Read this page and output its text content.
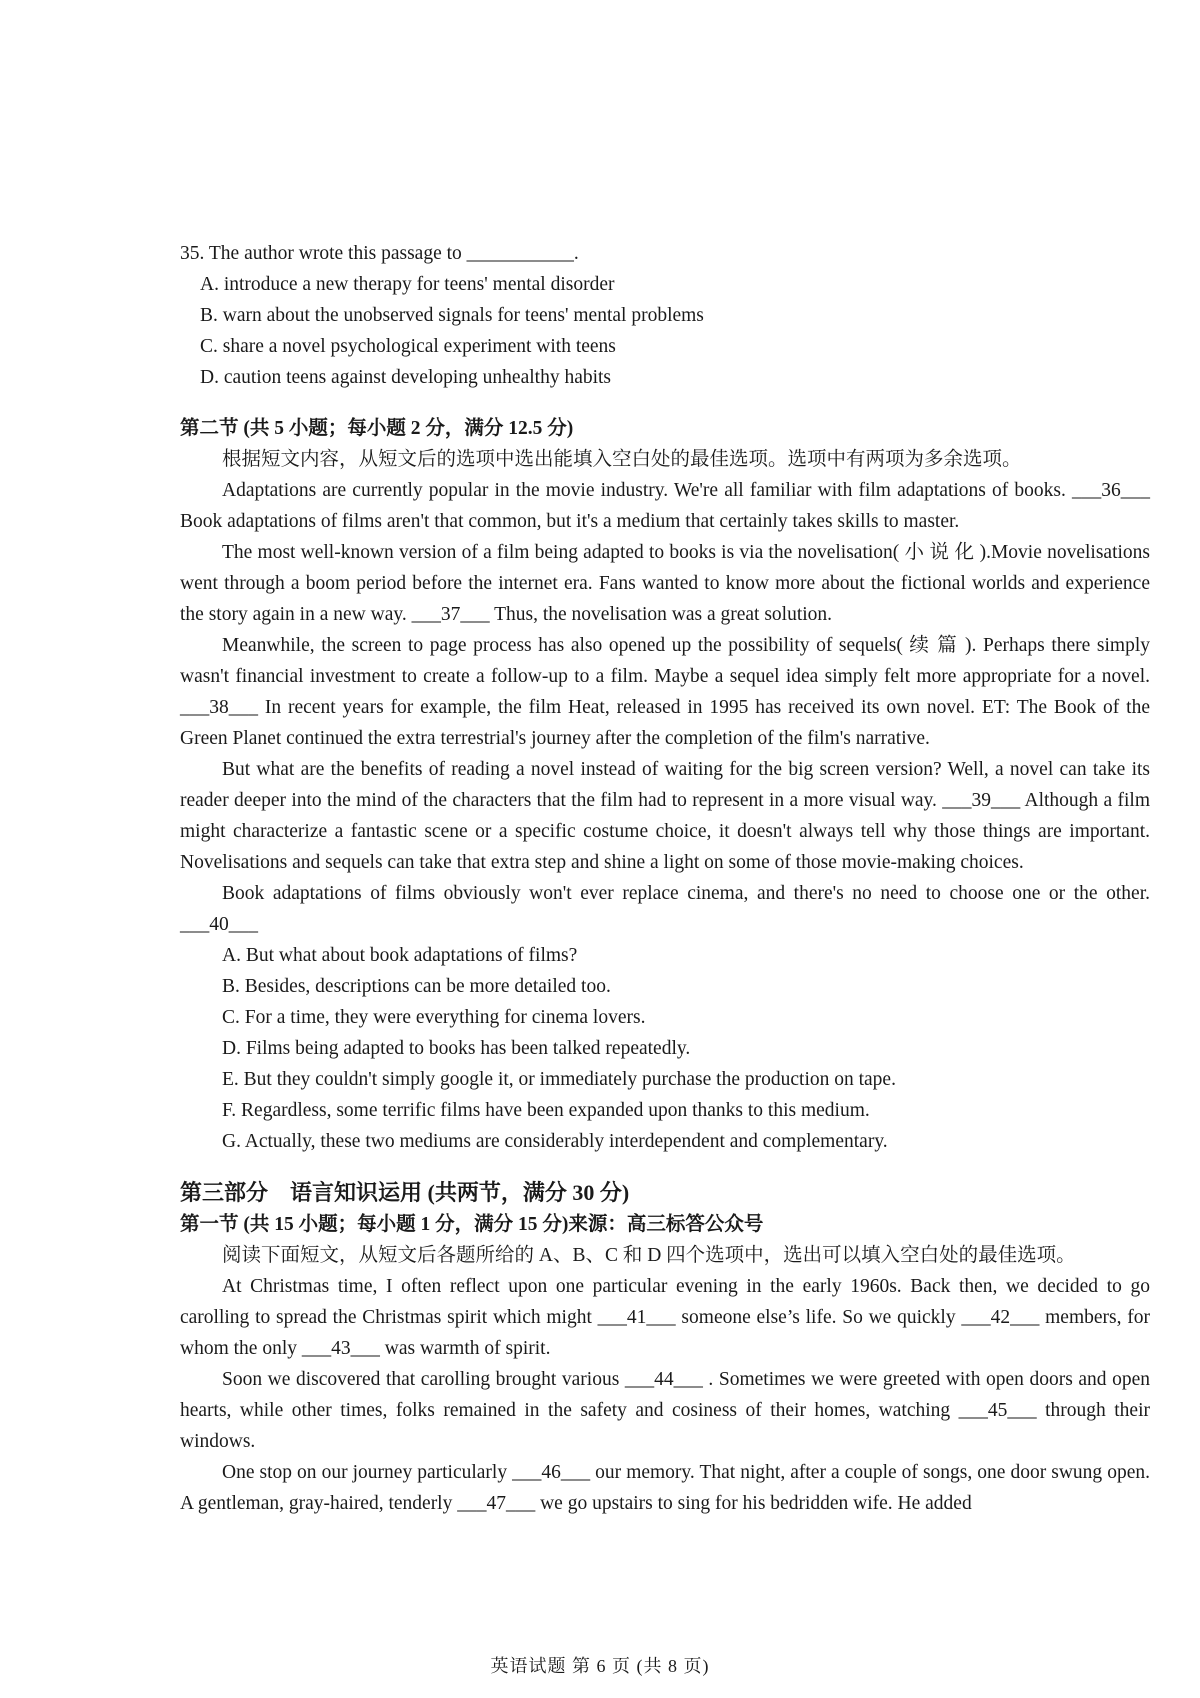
35. The author wrote this passage to ___________.
A. introduce a new therapy for teens' mental disorder
B. warn about the unobserved signals for teens' mental problems
C. share a novel psychological experiment with teens
D. caution teens against developing unhealthy habits
第二节 (共 5 小题；每小题 2 分，满分 12.5 分)
根据短文内容，从短文后的选项中选出能填入空白处的最佳选项。选项中有两项为多余选项。
Adaptations are currently popular in the movie industry. We're all familiar with film adaptations of books. ___36___ Book adaptations of films aren't that common, but it's a medium that certainly takes skills to master.
The most well-known version of a film being adapted to books is via the novelisation( 小 说 化 ).Movie novelisations went through a boom period before the internet era. Fans wanted to know more about the fictional worlds and experience the story again in a new way. ___37___ Thus, the novelisation was a great solution.
Meanwhile, the screen to page process has also opened up the possibility of sequels( 续 篇 ). Perhaps there simply wasn't financial investment to create a follow-up to a film. Maybe a sequel idea simply felt more appropriate for a novel. ___38___ In recent years for example, the film Heat, released in 1995 has received its own novel. ET: The Book of the Green Planet continued the extra terrestrial's journey after the completion of the film's narrative.
But what are the benefits of reading a novel instead of waiting for the big screen version? Well, a novel can take its reader deeper into the mind of the characters that the film had to represent in a more visual way. ___39___ Although a film might characterize a fantastic scene or a specific costume choice, it doesn't always tell why those things are important. Novelisations and sequels can take that extra step and shine a light on some of those movie-making choices.
Book adaptations of films obviously won't ever replace cinema, and there's no need to choose one or the other. ___40___
A. But what about book adaptations of films?
B. Besides, descriptions can be more detailed too.
C. For a time, they were everything for cinema lovers.
D. Films being adapted to books has been talked repeatedly.
E. But they couldn't simply google it, or immediately purchase the production on tape.
F. Regardless, some terrific films have been expanded upon thanks to this medium.
G. Actually, these two mediums are considerably interdependent and complementary.
第三部分　语言知识运用 (共两节，满分 30 分)
第一节 (共 15 小题；每小题 1 分，满分 15 分)来源：高三标答公众号
阅读下面短文，从短文后各题所给的 A、B、C 和 D 四个选项中，选出可以填入空白处的最佳选项。
At Christmas time, I often reflect upon one particular evening in the early 1960s. Back then, we decided to go carolling to spread the Christmas spirit which might ___41___ someone else’s life. So we quickly ___42___ members, for whom the only ___43___ was warmth of spirit.
Soon we discovered that carolling brought various ___44___ . Sometimes we were greeted with open doors and open hearts, while other times, folks remained in the safety and cosiness of their homes, watching ___45___ through their windows.
One stop on our journey particularly ___46___ our memory. That night, after a couple of songs, one door swung open. A gentleman, gray-haired, tenderly ___47___ we go upstairs to sing for his bedridden wife. He added
英语试题 第 6 页 (共 8 页)
